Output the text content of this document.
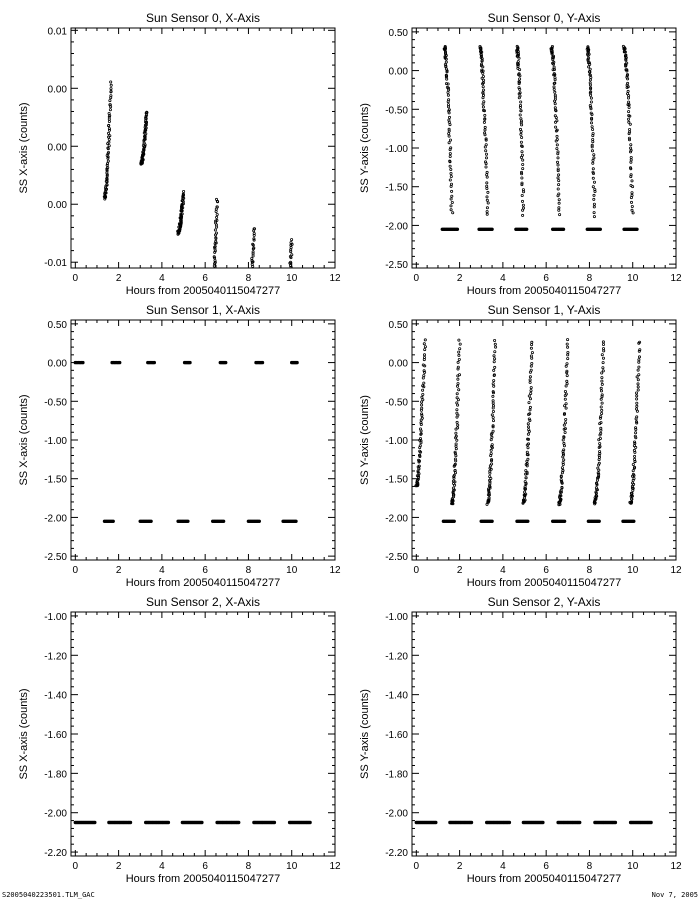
Sun Sensor 0, X-Axis
0	2	4	6	8	10	12
-0.01
0.00
0.00
0.00
0.01
Hours from 2005040115047277
SS X-axis (counts)
Sun Sensor 0, Y-Axis
0	2	4	6	8	10	12
-2.50
-2.00
-1.50
-1.00
-0.50
0.00
0.50
Hours from 2005040115047277
SS Y-axis (counts)
Sun Sensor 1, X-Axis
0	2	4	6	8	10	12
-2.50
-2.00
-1.50
-1.00
-0.50
0.00
0.50
Hours from 2005040115047277
SS X-axis (counts)
Sun Sensor 1, Y-Axis
0	2	4	6	8	10	12
-2.50
-2.00
-1.50
-1.00
-0.50
0.00
0.50
Hours from 2005040115047277
SS Y-axis (counts)
Sun Sensor 2, X-Axis
0	2	4	6	8	10	12
-2.20
-2.00
-1.80
-1.60
-1.40
-1.20
-1.00
Hours from 2005040115047277
SS X-axis (counts)
Sun Sensor 2, Y-Axis
0	2	4	6	8	10	12
-2.20
-2.00
-1.80
-1.60
-1.40
-1.20
-1.00
Hours from 2005040115047277
SS Y-axis (counts)
S2005040223501.TLM_GAC	Nov 7, 2005
